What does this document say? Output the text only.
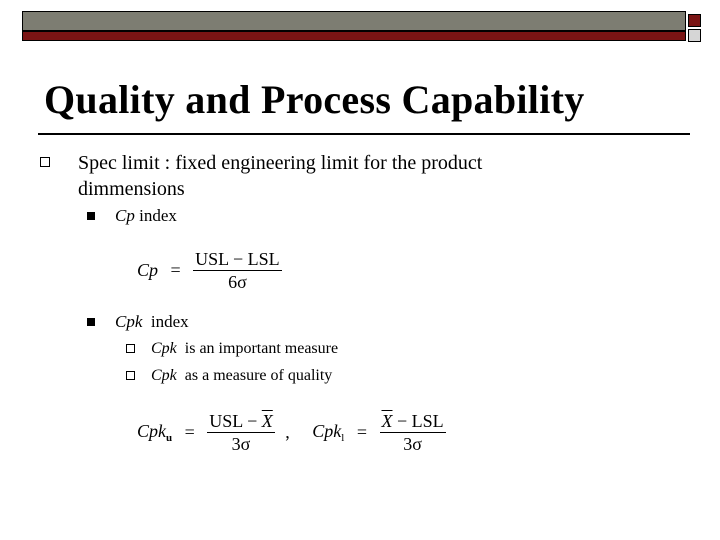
Quality and Process Capability
Spec limit : fixed engineering limit for the product
dimmensions
Cp index
$Cp = \frac{\text{USL − LSL}}{6\sigma}$
Cpk  index
Cpk  is an important measure
Cpk  as a measure of quality
$Cpk_u = \frac{USL - \overline{X}}{3\sigma}$ , $Cpk_l = \frac{\overline{X} - LSL}{3\sigma}$
